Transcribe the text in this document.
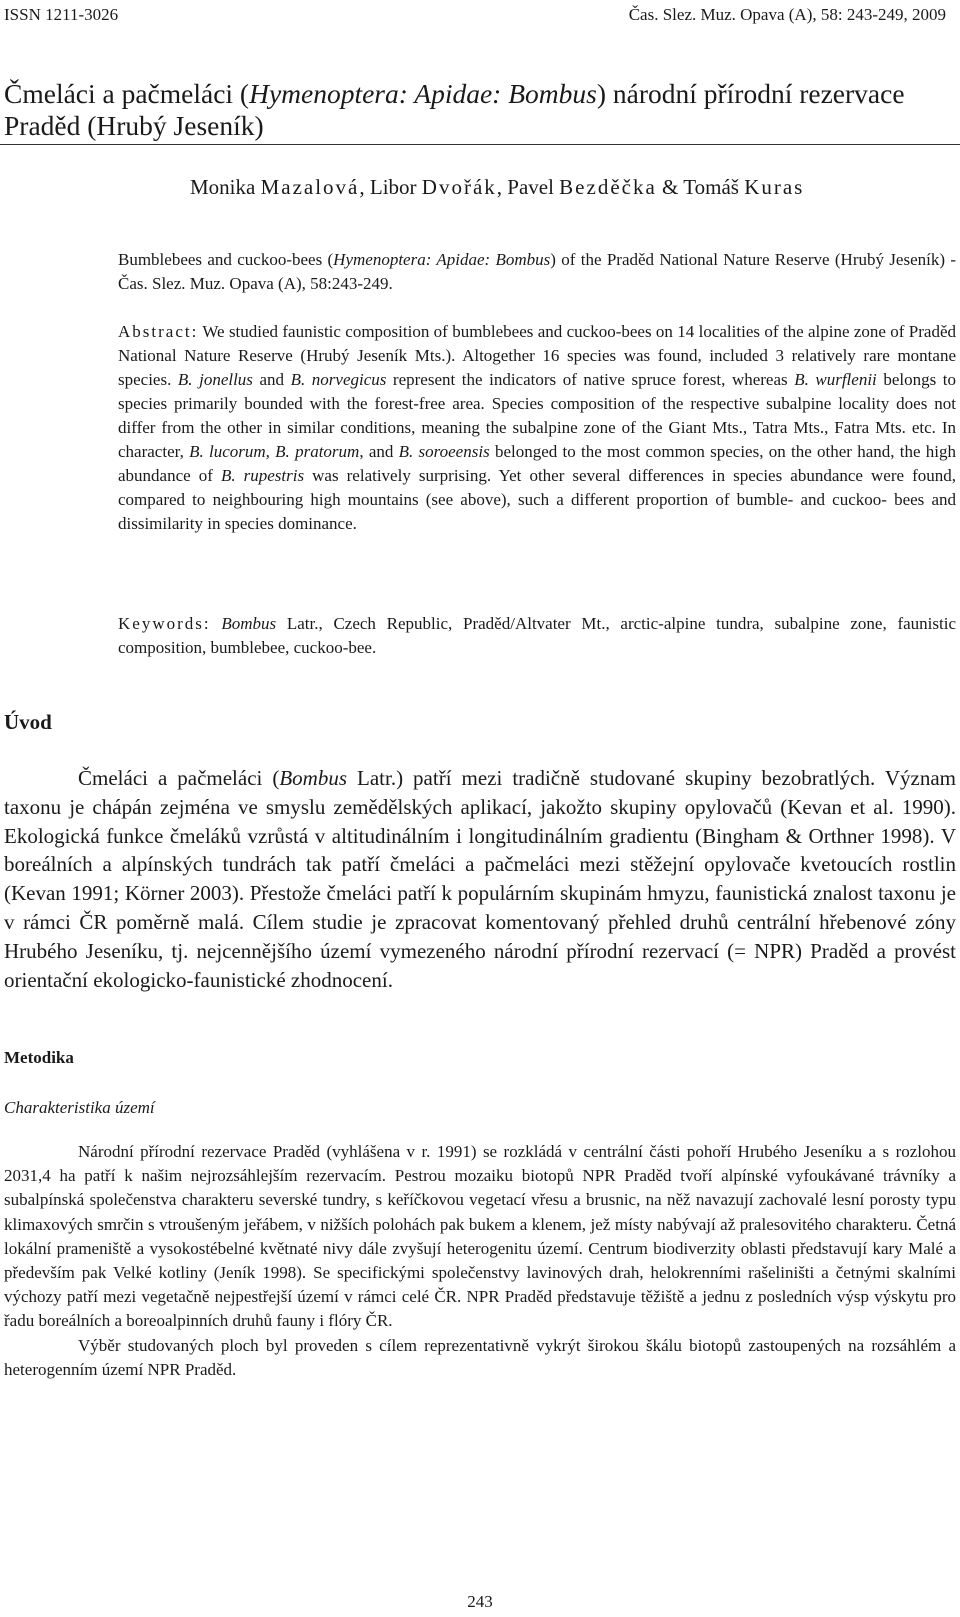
ISSN 1211-3026	Čas. Slez. Muz. Opava (A), 58: 243-249, 2009
Čmeláci a pačmeláci (Hymenoptera: Apidae: Bombus) národní přírodní rezervace Praděd (Hrubý Jeseník)
Monika Mazalová, Libor Dvořák, Pavel Bezděčka & Tomáš Kuras
Bumblebees and cuckoo-bees (Hymenoptera: Apidae: Bombus) of the Praděd National Nature Reserve (Hrubý Jeseník) - Čas. Slez. Muz. Opava (A), 58:243-249.
Abstract: We studied faunistic composition of bumblebees and cuckoo-bees on 14 localities of the alpine zone of Praděd National Nature Reserve (Hrubý Jeseník Mts.). Altogether 16 species was found, included 3 relatively rare montane species. B. jonellus and B. norvegicus represent the indicators of native spruce forest, whereas B. wurflenii belongs to species primarily bounded with the forest-free area. Species composition of the respective subalpine locality does not differ from the other in similar conditions, meaning the subalpine zone of the Giant Mts., Tatra Mts., Fatra Mts. etc. In character, B. lucorum, B. pratorum, and B. soroeensis belonged to the most common species, on the other hand, the high abundance of B. rupestris was relatively surprising. Yet other several differences in species abundance were found, compared to neighbouring high mountains (see above), such a different proportion of bumble- and cuckoo- bees and dissimilarity in species dominance.
Keywords: Bombus Latr., Czech Republic, Praděd/Altvater Mt., arctic-alpine tundra, subalpine zone, faunistic composition, bumblebee, cuckoo-bee.
Úvod

Čmeláci a pačmeláci (Bombus Latr.) patří mezi tradičně studované skupiny bezobratlých. Význam taxonu je chápán zejména ve smyslu zemědělských aplikací, jakožto skupiny opylovačů (Kevan et al. 1990). Ekologická funkce čmeláků vzrůstá v altitudinálním i longitudinálním gradientu (Bingham & Orthner 1998). V boreálních a alpínských tundrách tak patří čmeláci a pačmeláci mezi stěžejní opylovače kvetoucích rostlin (Kevan 1991; Körner 2003). Přestože čmeláci patří k populárním skupinám hmyzu, faunistická znalost taxonu je v rámci ČR poměrně malá. Cílem studie je zpracovat komentovaný přehled druhů centrální hřebenové zóny Hrubého Jeseníku, tj. nejcennějšího území vymezeného národní přírodní rezervací (= NPR) Praděd a provést orientační ekologicko-faunistické zhodnocení.

Metodika
Charakteristika území

Národní přírodní rezervace Praděd (vyhlášena v r. 1991) se rozkládá v centrální části pohoří Hrubého Jeseníku a s rozlohou 2031,4 ha patří k našim nejrozsáhlejším rezervacím. Pestrou mozaiku biotopů NPR Praděd tvoří alpínské vyfoukávané trávníky a subalpínská společenstva charakteru severské tundry, s keříčkovou vegetací vřesu a brusnic, na něž navazují zachovalé lesní porosty typu klimaxových smrčin s vtroušeným jeřábem, v nižších polohách pak bukem a klenem, jež místy nabývají až pralesovitého charakteru. Četná lokální prameniště a vysokostébelné květnaté nivy dále zvyšují heterogenitu území. Centrum biodiverzity oblasti představují kary Malé a především pak Velké kotliny (Jeník 1998). Se specifickými společenstvy lavinových drah, helokrenními rašeliništi a četnými skalními výchozy patří mezi vegetačně nejpestřejší území v rámci celé ČR. NPR Praděd představuje těžiště a jednu z posledních výsp výskytu pro řadu boreálních a boreoalpinních druhů fauny i flóry ČR.

Výběr studovaných ploch byl proveden s cílem reprezentativně vykrýt širokou škálu biotopů zastoupených na rozsáhlém a heterogenním území NPR Praděd.

243
